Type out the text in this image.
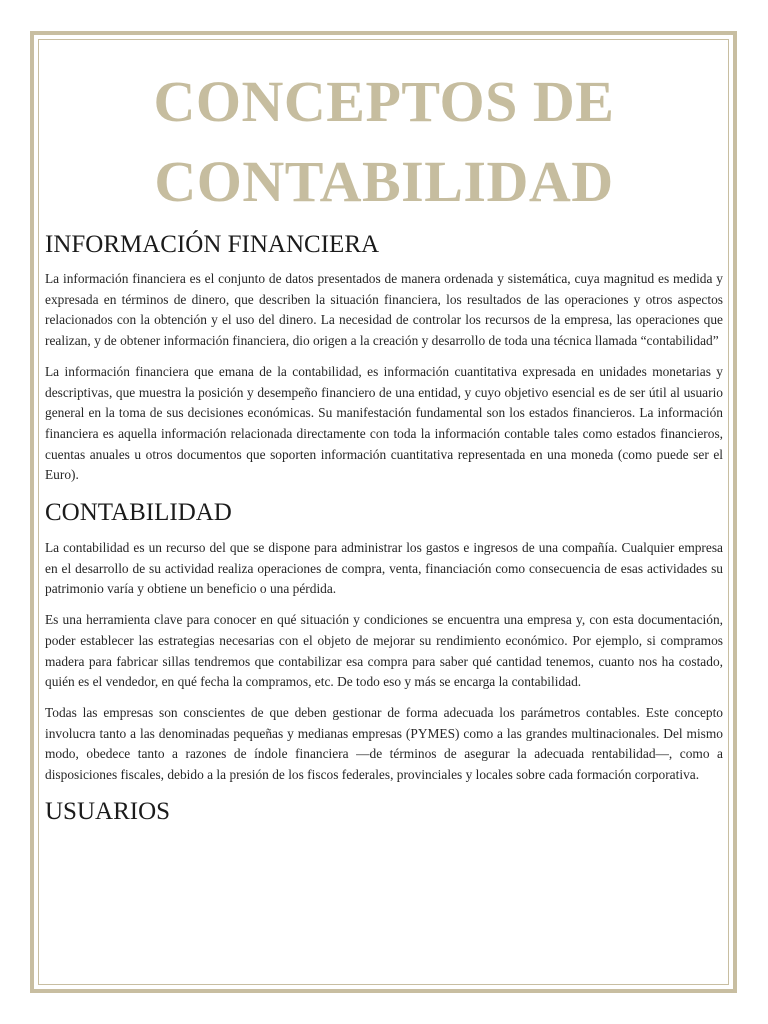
CONCEPTOS DE
CONTABILIDAD
INFORMACIÓN FINANCIERA

La información financiera es el conjunto de datos presentados de manera ordenada y sistemática, cuya magnitud es medida y expresada en términos de dinero, que describen la situación financiera, los resultados de las operaciones y otros aspectos relacionados con la obtención y el uso del dinero. La necesidad de controlar los recursos de la empresa, las operaciones que realizan, y de obtener información financiera, dio origen a la creación y desarrollo de toda una técnica llamada “contabilidad”

La información financiera que emana de la contabilidad, es información cuantitativa expresada en unidades monetarias y descriptivas, que muestra la posición y desempeño financiero de una entidad, y cuyo objetivo esencial es de ser útil al usuario general en la toma de sus decisiones económicas. Su manifestación fundamental son los estados financieros. La información financiera es aquella información relacionada directamente con toda la información contable tales como estados financieros, cuentas anuales u otros documentos que soporten información cuantitativa representada en una moneda (como puede ser el Euro).

CONTABILIDAD

La contabilidad es un recurso del que se dispone para administrar los gastos e ingresos de una compañía. Cualquier empresa en el desarrollo de su actividad realiza operaciones de compra, venta, financiación como consecuencia de esas actividades su patrimonio varía y obtiene un beneficio o una pérdida.

Es una herramienta clave para conocer en qué situación y condiciones se encuentra una empresa y, con esta documentación, poder establecer las estrategias necesarias con el objeto de mejorar su rendimiento económico. Por ejemplo, si compramos madera para fabricar sillas tendremos que contabilizar esa compra para saber qué cantidad tenemos, cuanto nos ha costado, quién es el vendedor, en qué fecha la compramos, etc. De todo eso y más se encarga la contabilidad.

Todas las empresas son conscientes de que deben gestionar de forma adecuada los parámetros contables. Este concepto involucra tanto a las denominadas pequeñas y medianas empresas (PYMES) como a las grandes multinacionales. Del mismo modo, obedece tanto a razones de índole financiera —de términos de asegurar la adecuada rentabilidad—, como a disposiciones fiscales, debido a la presión de los fiscos federales, provinciales y locales sobre cada formación corporativa.

USUARIOS
